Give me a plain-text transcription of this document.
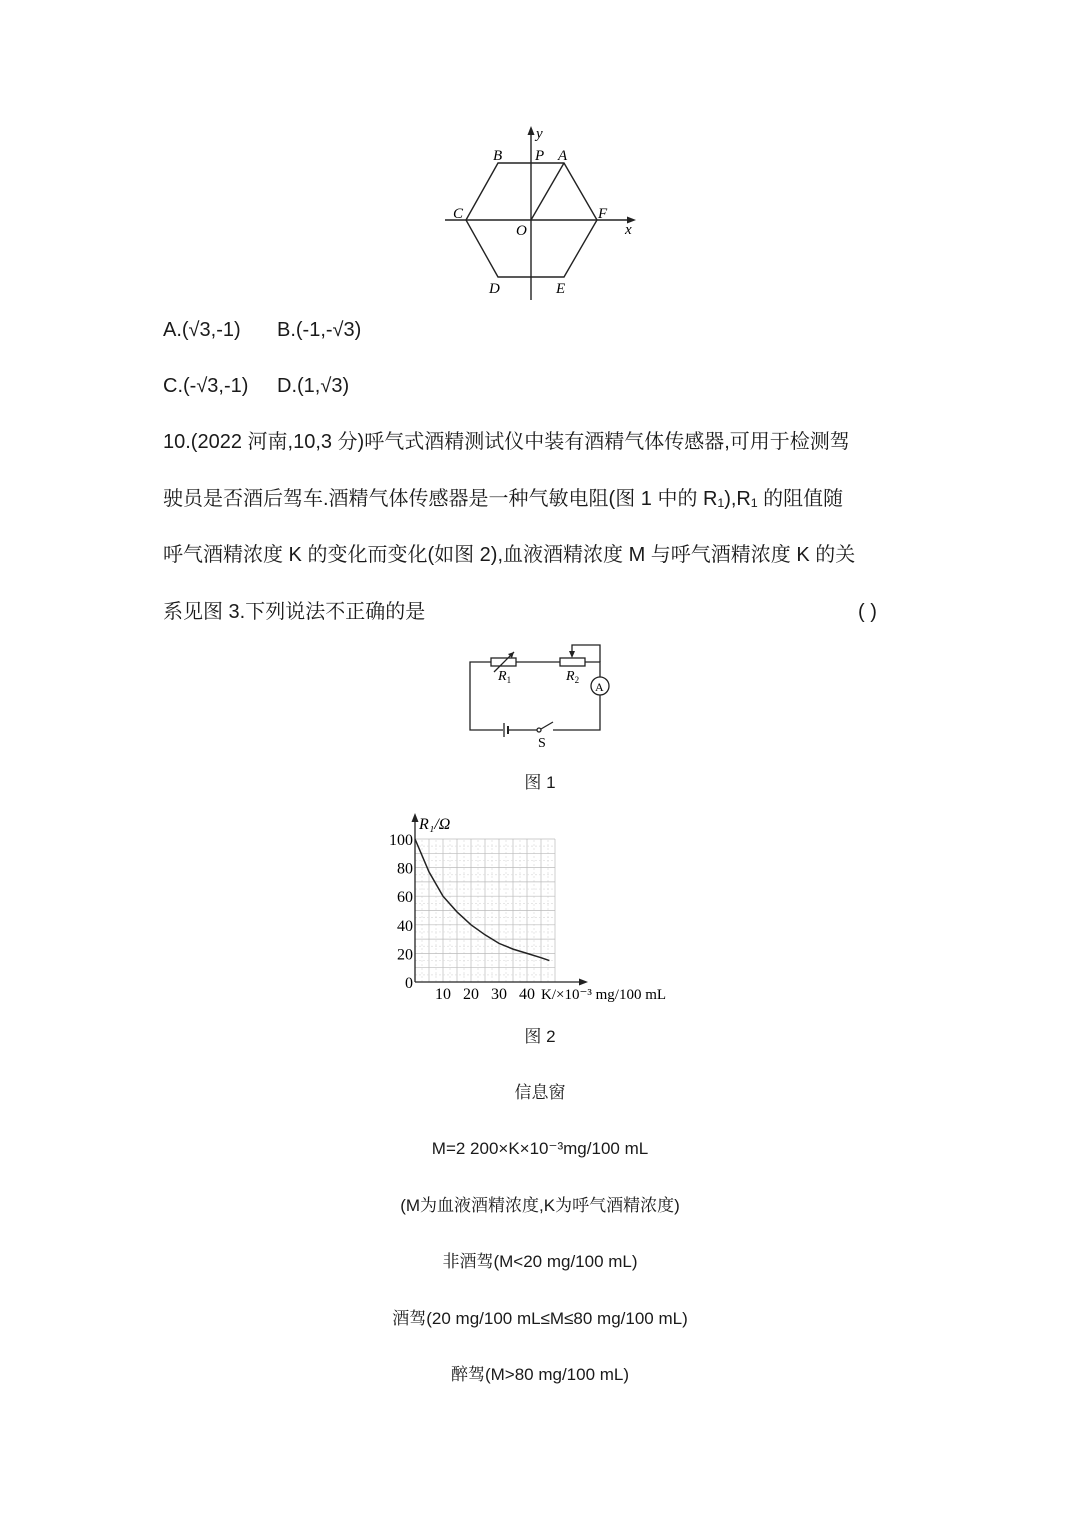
y
x
B P A
C
O
F
D	E
A.(√3,-1) B.(-1,-√3)
C.(-√3,-1) D.(1,√3)
10.(2022 河南,10,3 分)呼气式酒精测试仪中装有酒精气体传感器,可用于检测驾
驶员是否酒后驾车.酒精气体传感器是一种气敏电阻(图 1 中的 R₁),R₁ 的阻值随
呼气酒精浓度 K 的变化而变化(如图 2),血液酒精浓度 M 与呼气酒精浓度 K 的关
系见图 3.下列说法不正确的是	( )
$R_1$	$R_2$ A
S
图 1
0
20
40
60
80
100
10 20 30 40
R₁/Ω
K/×10⁻³ mg/100 mL
图 2
信息窗
M=2 200×K×10⁻³mg/100 mL
(M为血液酒精浓度,K为呼气酒精浓度)
非酒驾(M<20 mg/100 mL)
酒驾(20 mg/100 mL≤M≤80 mg/100 mL)
醉驾(M>80 mg/100 mL)
